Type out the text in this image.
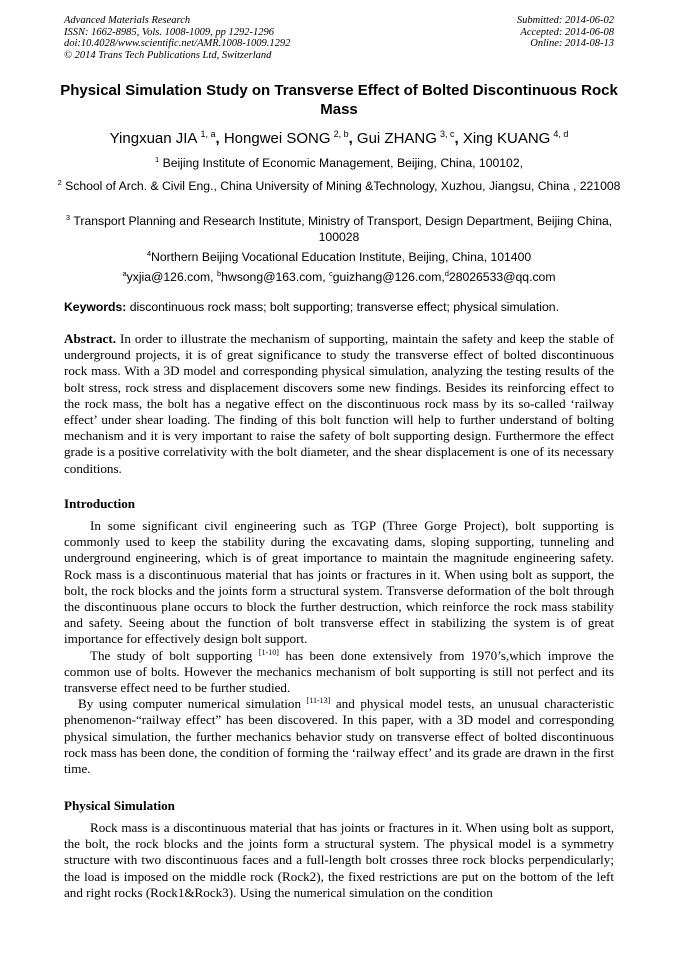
Advanced Materials Research
ISSN: 1662-8985, Vols. 1008-1009, pp 1292-1296
doi:10.4028/www.scientific.net/AMR.1008-1009.1292
© 2014 Trans Tech Publications Ltd, Switzerland
Submitted: 2014-06-02
Accepted: 2014-06-08
Online: 2014-08-13
Physical Simulation Study on Transverse Effect of Bolted Discontinuous Rock Mass
Yingxuan JIA  $^{1, a}$, Hongwei SONG  $^{2, b}$, Gui ZHANG  $^{3, c}$, Xing KUANG  $^{4, d}$
$^1$ Beijing Institute of Economic Management, Beijing, China, 100102,
$^2$ School of Arch. & Civil Eng., China University of Mining &Technology, Xuzhou, Jiangsu, China , 221008
$^3$ Transport Planning and Research Institute, Ministry of Transport, Design Department, Beijing China, 100028
$^4$Northern Beijing Vocational Education Institute, Beijing, China, 101400
$^a$yxjia@126.com, $^b$hwsong@163.com, $^c$guizhang@126.com,$^d$28026533@qq.com
Keywords: discontinuous rock mass; bolt supporting; transverse effect; physical simulation.

Abstract. In order to illustrate the mechanism of supporting, maintain the safety and keep the stable of underground projects, it is of great significance to study the transverse effect of bolted discontinuous rock mass. With a 3D model and corresponding physical simulation, analyzing the testing results of the bolt stress, rock stress and displacement discovers some new findings. Besides its reinforcing effect to the rock mass, the bolt has a negative effect on the discontinuous rock mass by its so-called ‘railway effect’ under shear loading. The finding of this bolt function will help to further understand of bolting mechanism and it is very important to raise the safety of bolt supporting design. Furthermore the effect grade is a positive correlativity with the bolt diameter, and the shear displacement is one of its necessary conditions.

Introduction

In some significant civil engineering such as TGP (Three Gorge Project), bolt supporting is commonly used to keep the stability during the excavating dams, sloping supporting, tunneling and underground engineering, which is of great importance to maintain the magnitude engineering safety. Rock mass is a discontinuous material that has joints or fractures in it. When using bolt as support, the bolt, the rock blocks and the joints form a structural system. Transverse deformation of the bolt through the discontinuous plane occurs to block the further destruction, which reinforce the rock mass stability and safety. Seeing about the function of bolt transverse effect in stabilizing the system is of great importance for effectively design bolt support.

The study of bolt supporting [1-10] has been done extensively from 1970’s,which improve the common use of bolts. However the mechanics mechanism of bolt supporting is still not perfect and its transverse effect need to be further studied.

By using computer numerical simulation [11-13] and physical model tests, an unusual characteristic phenomenon-“railway effect” has been discovered. In this paper, with a 3D model and corresponding physical simulation, the further mechanics behavior study on transverse effect of bolted discontinuous rock mass has been done, the condition of forming the ‘railway effect’ and its grade are drawn in the first time.

Physical Simulation

Rock mass is a discontinuous material that has joints or fractures in it. When using bolt as support, the bolt, the rock blocks and the joints form a structural system. The physical model is a symmetry structure with two discontinuous faces and a full-length bolt crosses three rock blocks perpendicularly; the load is imposed on the middle rock (Rock2), the fixed restrictions are put on the bottom of the left and right rocks (Rock1&Rock3). Using the numerical simulation on the condition
